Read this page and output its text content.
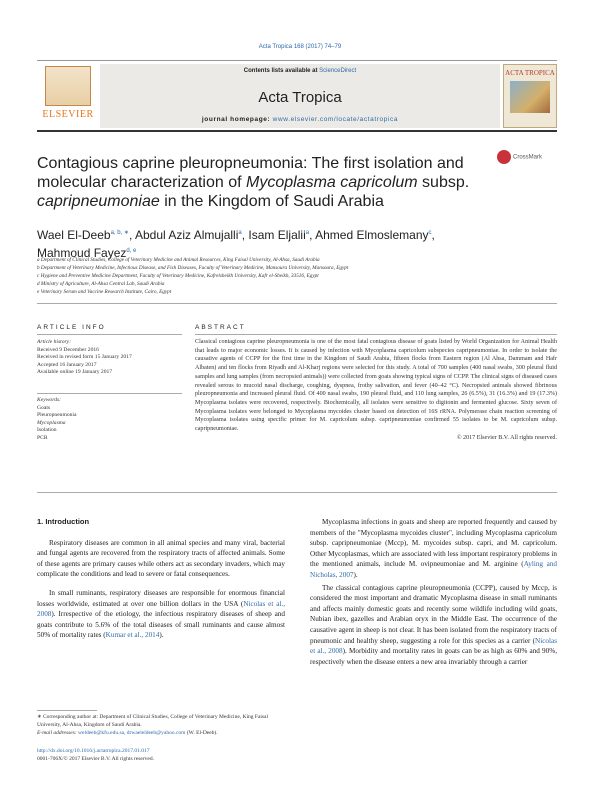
Acta Tropica 168 (2017) 74–79
ELSEVIER
Contents lists available at ScienceDirect
Acta Tropica
journal homepage: www.elsevier.com/locate/actatropica
ACTA TROPICA
Contagious caprine pleuropneumonia: The first isolation and molecular characterization of Mycoplasma capricolum subsp. capripneumoniae in the Kingdom of Saudi Arabia
CrossMark
Wael El-Deeb$^{a, b, ∗}$, Abdul Aziz Almujalli$^a$, Isam Eljalii$^a$, Ahmed Elmoslemany$^c$,
Mahmoud Fayez$^{d, e}$
a Department of Clinical Studies, College of Veterinary Medicine and Animal Resources, King Faisal University, Al-Ahsa, Saudi Arabia
b Department of Veterinary Medicine, Infectious Disease, and Fish Diseases, Faculty of Veterinary Medicine, Mansoura University, Mansoura, Egypt
c Hygiene and Preventive Medicine Department, Faculty of Veterinary Medicine, Kafrelsheikh University, Kafr el-Sheikh, 33516, Egypt
d Ministry of Agriculture, Al-Ahsa Central Lab, Saudi Arabia
e Veterinary Serum and Vaccine Research Institute, Cairo, Egypt
ARTICLE INFO
Article history:
Received 9 December 2016
Received in revised form 15 January 2017
Accepted 16 January 2017
Available online 19 January 2017
Keywords:
Goats
Pleuropneumonia
Mycoplasma
Isolation
PCR
ABSTRACT
Classical contagious caprine pleuropneumonia is one of the most fatal contagious disease of goats listed by World Organization for Animal Health that leads to major economic losses. It is caused by infection with Mycoplasma capricolum subspecies capripneumoniae. In order to isolate the causative agents of CCPP for the first time in the Kingdom of Saudi Arabia, fifteen flocks from Eastern region (Al Ahsa, Dammam and Hafr Albaten) and ten flocks from Riyadh and Al-Kharj regions were selected for this study. A total of 700 samples (400 nasal swabs, 300 pleural fluid samples and lung samples (from necropsied animals)) were collected from goats showing typical signs of CCPP. The clinical signs of diseased cases revealed serous to mucoid nasal discharge, coughing, dyspnea, frothy salivation, and fever (40–42 °C). Necropsied animals showed fibrinous pleuropneumonia and increased pleural fluid. Of 400 nasal swabs, 190 pleural fluid, and 110 lung samples, 26 (6.5%), 31 (16.3%) and 19 (17.3%) Mycoplasma isolates were recovered, respectively. Biochemically, all isolates were sensitive to digitonin and fermented glucose. Sixty seven of Mycoplasma isolates were belonged to Mycoplasma mycoides cluster based on detection of 16S rRNA. Polymerase chain reaction screening of Mycoplasma isolates using specific primer for M. capricolum subsp. capripneumoniae confirmed 55 isolates to be M. capricolum subsp. capripneumoniae.
© 2017 Elsevier B.V. All rights reserved.
1. Introduction

Respiratory diseases are common in all animal species and many viral, bacterial and fungal agents are recovered from the respiratory tracts of affected animals. Some of these agents are primary causes while others act as secondary invaders, which may complicate the conditions and lead to severe or fatal consequences.

In small ruminants, respiratory diseases are responsible for enormous financial losses worldwide, estimated at over one billion dollars in the USA (Nicolas et al., 2008). Irrespective of the etiology, the infectious respiratory diseases of sheep and goats contribute to 5.6% of the total diseases of small ruminants and cause almost 50% of mortality rates (Kumar et al., 2014).

∗ Corresponding author at: Department of Clinical Studies, College of Veterinary Medicine, King Faisal University, Al-Ahsa, Kingdom of Saudi Arabia.
E-mail addresses: weldeeb@kfu.edu.sa, drwaeleldeeb@yahoo.com (W. El-Deeb).
http://dx.doi.org/10.1016/j.actatropica.2017.01.017
0001-706X/© 2017 Elsevier B.V. All rights reserved.

Mycoplasma infections in goats and sheep are reported frequently and caused by members of the "Mycoplasma mycoides cluster", including Mycoplasma capricolum subsp. capripneumoniae (Mccp), M. mycoides subsp. capri, and M. capricolum. Other Mycoplasmas, which are associated with less important respiratory problems in the mentioned animals, include M. ovipneumoniae and M. arginine (Ayling and Nicholas, 2007).

The classical contagious caprine pleuropneumonia (CCPP), caused by Mccp, is considered the most important and dramatic Mycoplasma disease in small ruminants and affects mainly domestic goats and recently some wildlife including wild goats, Nubian ibex, gazelles and Arabian oryx in the Middle East. The occurrence of the causative agent in sheep is not clear. It has been isolated from the respiratory tracts of pneumonic and healthy sheep, suggesting a role for this species as a carrier (Nicolas et al., 2008). Morbidity and mortality rates in goats can be as high as 60% and 90%, respectively when the disease enters a new area invariably through a carrier
